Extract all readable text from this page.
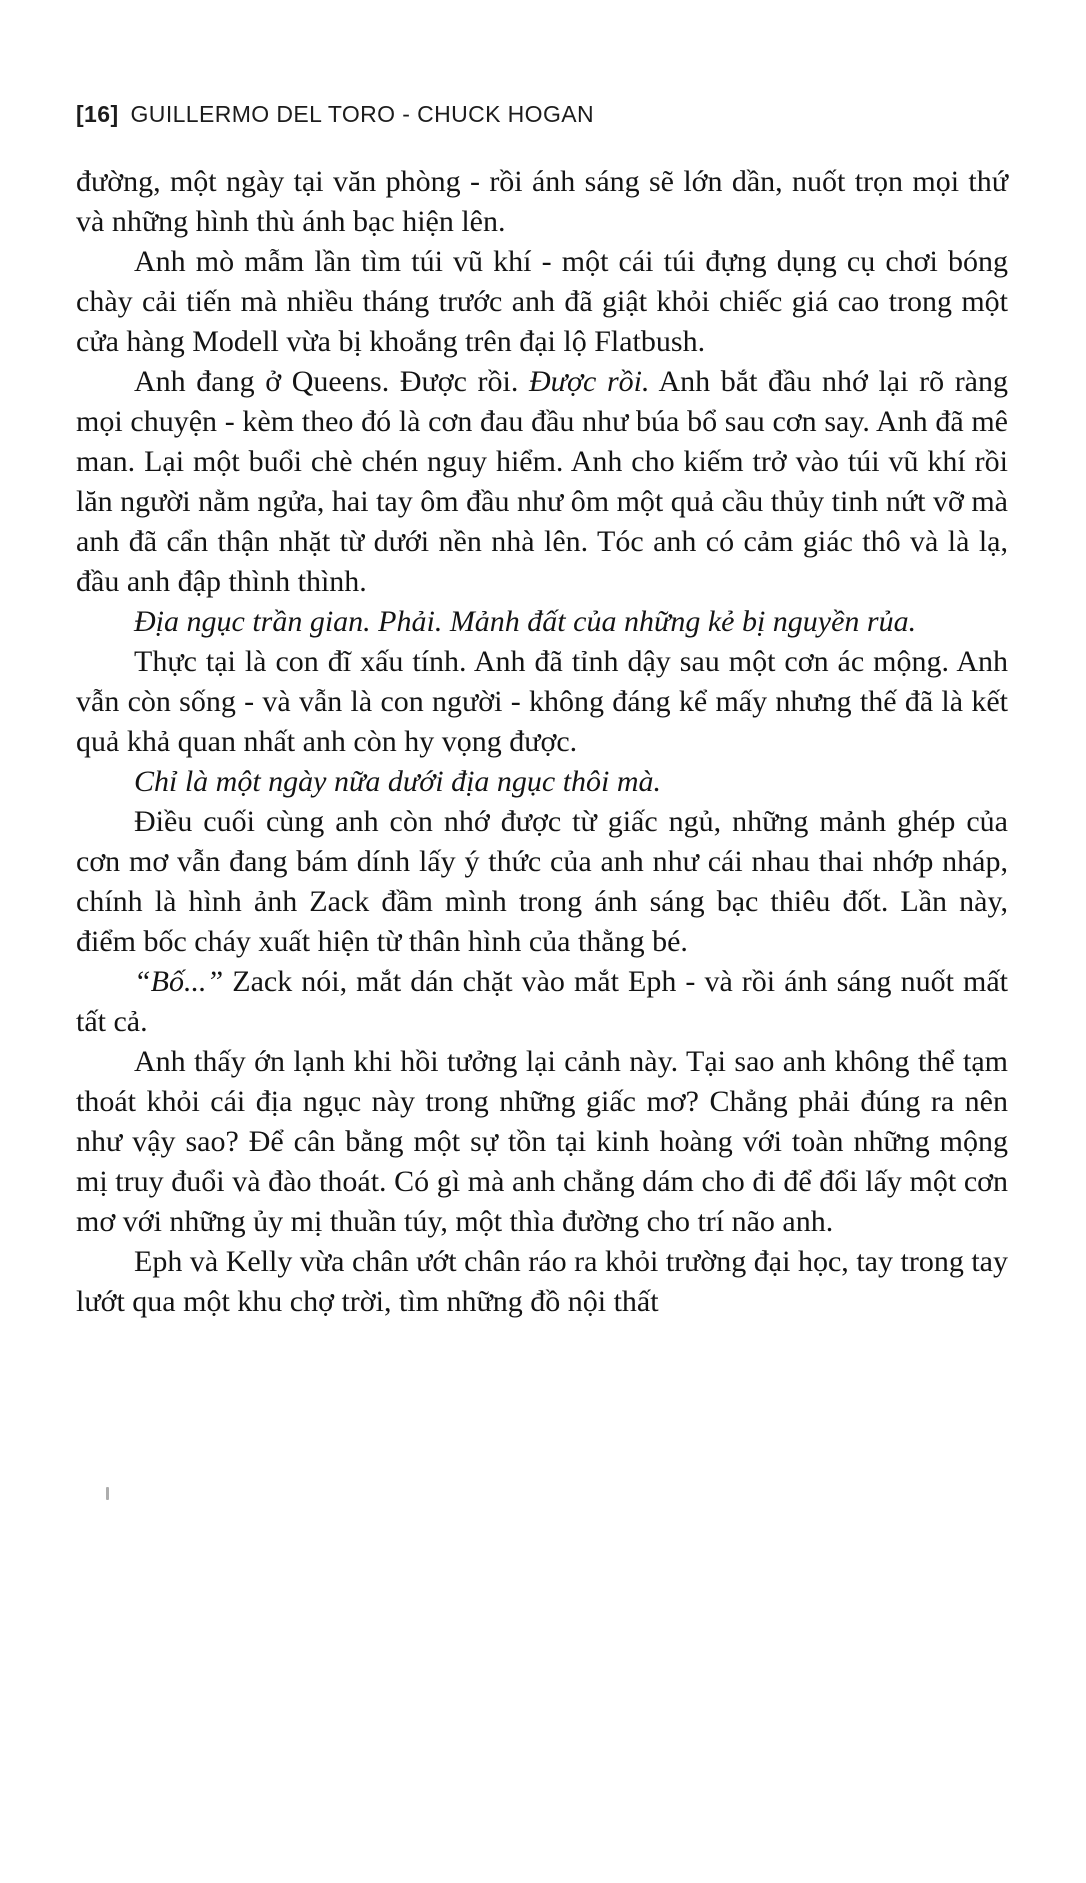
[16] GUILLERMO DEL TORO - CHUCK HOGAN

đường, một ngày tại văn phòng - rồi ánh sáng sẽ lớn dần, nuốt trọn mọi thứ và những hình thù ánh bạc hiện lên.

Anh mò mẫm lần tìm túi vũ khí - một cái túi đựng dụng cụ chơi bóng chày cải tiến mà nhiều tháng trước anh đã giật khỏi chiếc giá cao trong một cửa hàng Modell vừa bị khoắng trên đại lộ Flatbush.

Anh đang ở Queens. Được rồi. Được rồi. Anh bắt đầu nhớ lại rõ ràng mọi chuyện - kèm theo đó là cơn đau đầu như búa bổ sau cơn say. Anh đã mê man. Lại một buổi chè chén nguy hiểm. Anh cho kiếm trở vào túi vũ khí rồi lăn người nằm ngửa, hai tay ôm đầu như ôm một quả cầu thủy tinh nứt vỡ mà anh đã cẩn thận nhặt từ dưới nền nhà lên. Tóc anh có cảm giác thô và là lạ, đầu anh đập thình thình.

Địa ngục trần gian. Phải. Mảnh đất của những kẻ bị nguyền rủa.

Thực tại là con đĩ xấu tính. Anh đã tỉnh dậy sau một cơn ác mộng. Anh vẫn còn sống - và vẫn là con người - không đáng kể mấy nhưng thế đã là kết quả khả quan nhất anh còn hy vọng được.

Chỉ là một ngày nữa dưới địa ngục thôi mà.

Điều cuối cùng anh còn nhớ được từ giấc ngủ, những mảnh ghép của cơn mơ vẫn đang bám dính lấy ý thức của anh như cái nhau thai nhớp nháp, chính là hình ảnh Zack đầm mình trong ánh sáng bạc thiêu đốt. Lần này, điểm bốc cháy xuất hiện từ thân hình của thằng bé.

“Bố...” Zack nói, mắt dán chặt vào mắt Eph - và rồi ánh sáng nuốt mất tất cả.

Anh thấy ớn lạnh khi hồi tưởng lại cảnh này. Tại sao anh không thể tạm thoát khỏi cái địa ngục này trong những giấc mơ? Chẳng phải đúng ra nên như vậy sao? Để cân bằng một sự tồn tại kinh hoàng với toàn những mộng mị truy đuổi và đào thoát. Có gì mà anh chẳng dám cho đi để đổi lấy một cơn mơ với những ủy mị thuần túy, một thìa đường cho trí não anh.

Eph và Kelly vừa chân ướt chân ráo ra khỏi trường đại học, tay trong tay lướt qua một khu chợ trời, tìm những đồ nội thất
